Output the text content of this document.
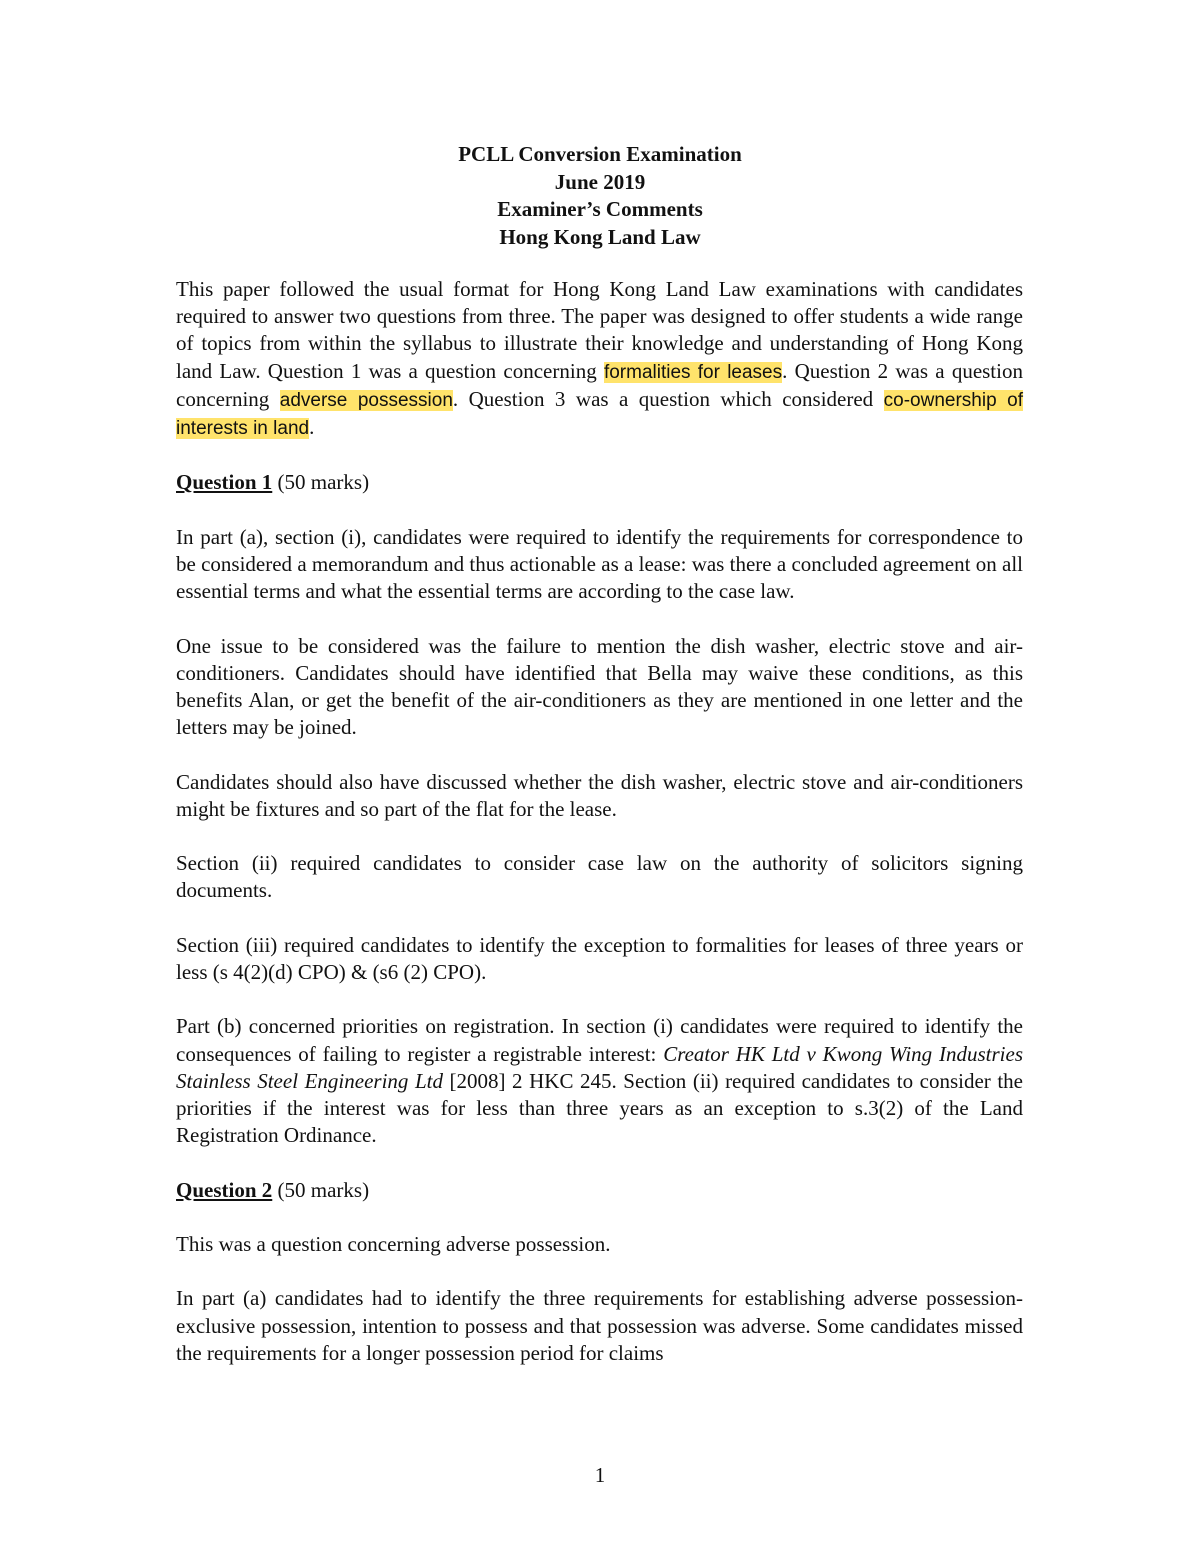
PCLL Conversion Examination
June 2019
Examiner’s Comments
Hong Kong Land Law

This paper followed the usual format for Hong Kong Land Law examinations with candidates required to answer two questions from three. The paper was designed to offer students a wide range of topics from within the syllabus to illustrate their knowledge and understanding of Hong Kong land Law. Question 1 was a question concerning formalities for leases. Question 2 was a question concerning adverse possession. Question 3 was a question which considered co-ownership of interests in land.

Question 1 (50 marks)

In part (a), section (i), candidates were required to identify the requirements for correspondence to be considered a memorandum and thus actionable as a lease: was there a concluded agreement on all essential terms and what the essential terms are according to the case law.

One issue to be considered was the failure to mention the dish washer, electric stove and air-conditioners. Candidates should have identified that Bella may waive these conditions, as this benefits Alan, or get the benefit of the air-conditioners as they are mentioned in one letter and the letters may be joined.

Candidates should also have discussed whether the dish washer, electric stove and air-conditioners might be fixtures and so part of the flat for the lease.

Section (ii) required candidates to consider case law on the authority of solicitors signing documents.

Section (iii) required candidates to identify the exception to formalities for leases of three years or less (s 4(2)(d) CPO) & (s6 (2) CPO).

Part (b) concerned priorities on registration. In section (i) candidates were required to identify the consequences of failing to register a registrable interest: Creator HK Ltd v Kwong Wing Industries Stainless Steel Engineering Ltd [2008] 2 HKC 245. Section (ii) required candidates to consider the priorities if the interest was for less than three years as an exception to s.3(2) of the Land Registration Ordinance.

Question 2 (50 marks)

This was a question concerning adverse possession.

In part (a) candidates had to identify the three requirements for establishing adverse possession- exclusive possession, intention to possess and that possession was adverse. Some candidates missed the requirements for a longer possession period for claims

1
